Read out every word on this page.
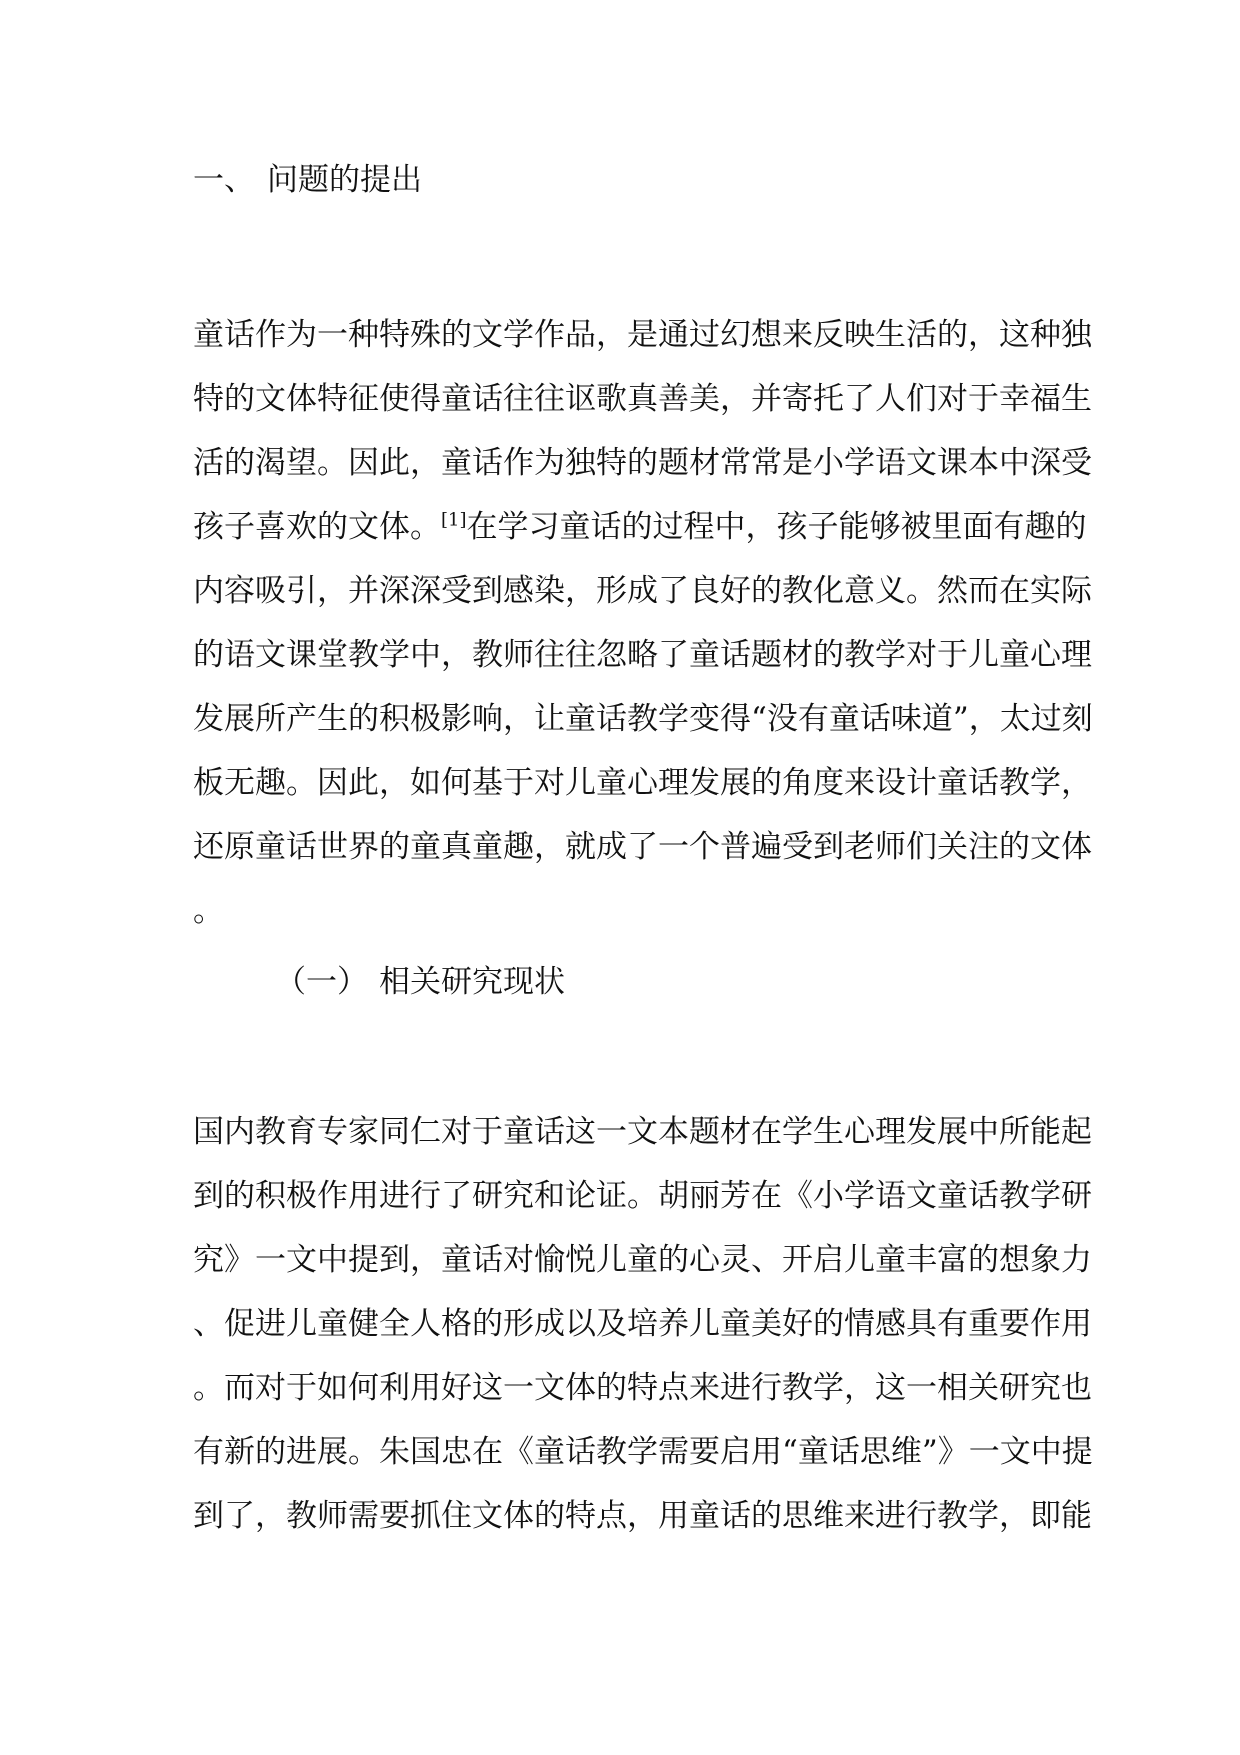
一、 问题的提出
童话作为一种特殊的文学作品，是通过幻想来反映生活的，这种独
特的文体特征使得童话往往讴歌真善美，并寄托了人们对于幸福生
活的渴望。因此，童话作为独特的题材常常是小学语文课本中深受
孩子喜欢的文体。[1]在学习童话的过程中，孩子能够被里面有趣的
内容吸引，并深深受到感染，形成了良好的教化意义。然而在实际
的语文课堂教学中，教师往往忽略了童话题材的教学对于儿童心理
发展所产生的积极影响，让童话教学变得“没有童话味道”，太过刻
板无趣。因此，如何基于对儿童心理发展的角度来设计童话教学，
还原童话世界的童真童趣，就成了一个普遍受到老师们关注的文体
。
（一） 相关研究现状
国内教育专家同仁对于童话这一文本题材在学生心理发展中所能起
到的积极作用进行了研究和论证。胡丽芳在《小学语文童话教学研
究》一文中提到，童话对愉悦儿童的心灵、开启儿童丰富的想象力
、促进儿童健全人格的形成以及培养儿童美好的情感具有重要作用
。而对于如何利用好这一文体的特点来进行教学，这一相关研究也
有新的进展。朱国忠在《童话教学需要启用“童话思维”》一文中提
到了，教师需要抓住文体的特点，用童话的思维来进行教学，即能
